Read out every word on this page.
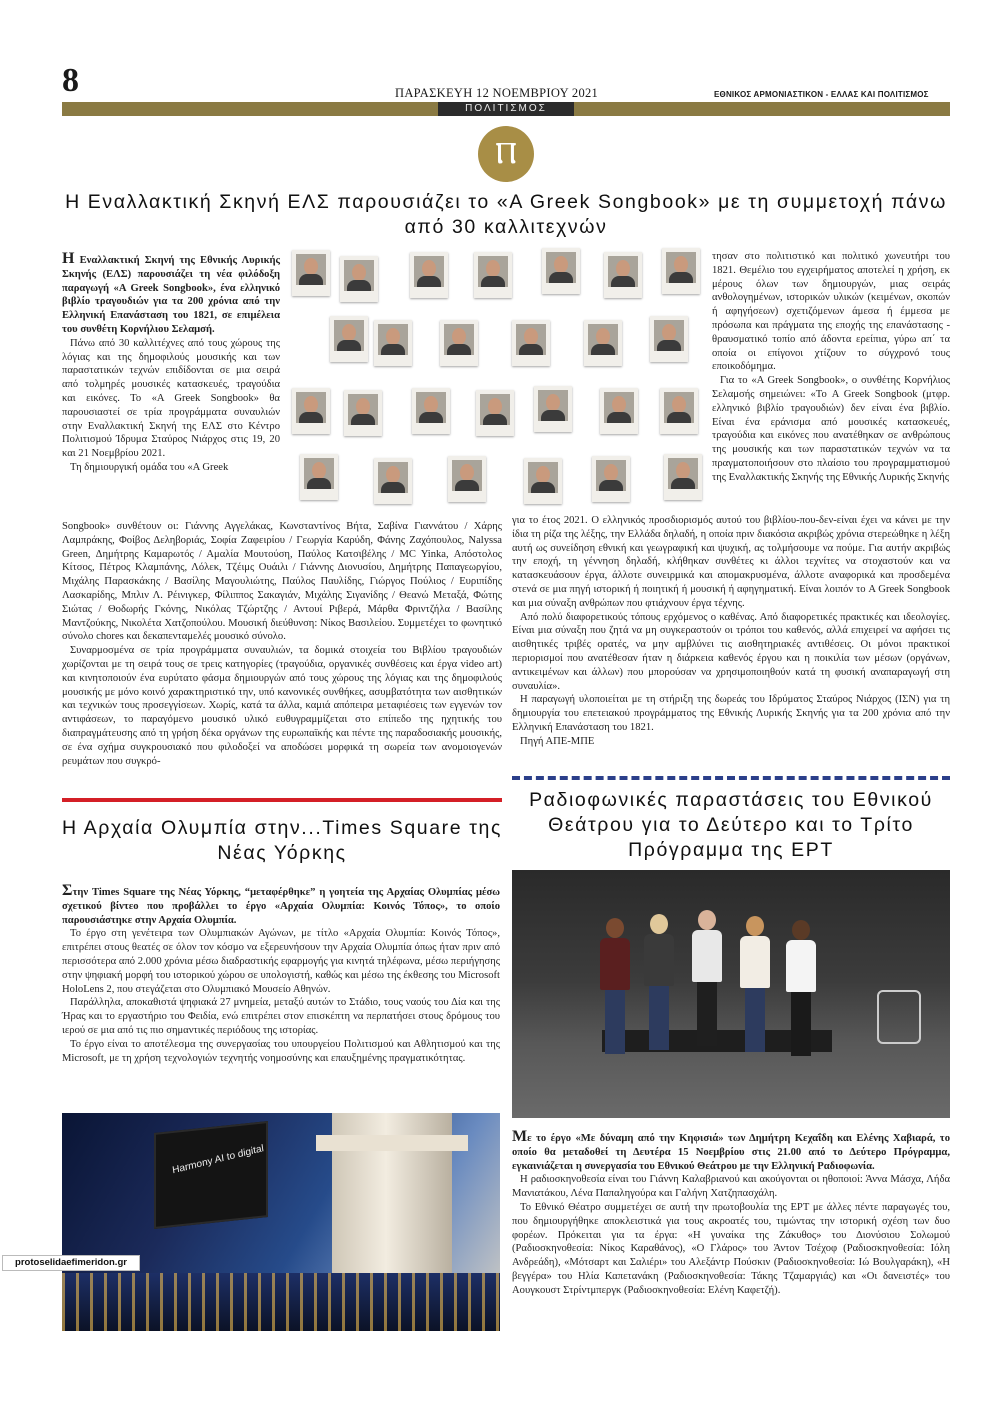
8	ΠΑΡΑΣΚΕΥΗ 12 ΝΟΕΜΒΡΙΟΥ 2021	ΕΘΝΙΚΟΣ ΑΡΜΟΝΙΑΣΤΙΚΟΝ - ΕΛΛΑΣ ΚΑΙ ΠΟΛΙΤΙΣΜΟΣ
ΠΟΛΙΤΙΣΜΟΣ
Ⲡ
Η Εναλλακτική Σκηνή ΕΛΣ παρουσιάζει το «A Greek Songbook» με τη συμμετοχή πάνω από 30 καλλιτεχνών

Η Εναλλακτική Σκηνή της Εθνικής Λυρικής Σκηνής (ΕΛΣ) παρουσιάζει τη νέα φιλόδοξη παραγωγή «A Greek Songbook», ένα ελληνικό βιβλίο τραγουδιών για τα 200 χρόνια από την Ελληνική Επανάσταση του 1821, σε επιμέλεια του συνθέτη Κορνήλιου Σελαμσή.

Πάνω από 30 καλλιτέχνες από τους χώρους της λόγιας και της δημοφιλούς μουσικής και των παραστατικών τεχνών επιδίδονται σε μια σειρά από τολμηρές μουσικές κατασκευές, τραγούδια και εικόνες. Το «A Greek Songbook» θα παρουσιαστεί σε τρία προγράμματα συναυλιών στην Εναλλακτική Σκηνή της ΕΛΣ στο Κέντρο Πολιτισμού Ίδρυμα Σταύρος Νιάρχος στις 19, 20 και 21 Νοεμβρίου 2021.

Τη δημιουργική ομάδα του «A Greek

τησαν στο πολιτιστικό και πολιτικό χωνευτήρι του 1821. Θεμέλιο του εγχειρήματος αποτελεί η χρήση, εκ μέρους όλων των δημιουργών, μιας σειράς ανθολογημένων, ιστορικών υλικών (κειμένων, σκοπών ή αφηγήσεων) σχετιζόμενων άμεσα ή έμμεσα με πρόσωπα και πράγματα της εποχής της επανάστασης - θραυσματικό τοπίο από άδοντα ερείπια, γύρω απ΄ τα οποία οι επίγονοι χτίζουν το σύγχρονό τους εποικοδόμημα.

Για το «A Greek Songbook», ο συνθέτης Κορνήλιος Σελαμσής σημειώνει: «Το A Greek Songbook (μτφρ. ελληνικό βιβλίο τραγουδιών) δεν είναι ένα βιβλίο. Είναι ένα εράνισμα από μουσικές κατασκευές, τραγούδια και εικόνες που ανατέθηκαν σε ανθρώπους της μουσικής και των παραστατικών τεχνών να τα πραγματοποιήσουν στο πλαίσιο του προγραμματισμού της Εναλλακτικής Σκηνής της Εθνικής Λυρικής Σκηνής

Songbook» συνθέτουν οι: Γιάννης Αγγελάκας, Κωνσταντίνος Βήτα, Σαβίνα Γιαννάτου / Χάρης Λαμπράκης, Φοίβος Δεληβοριάς, Σοφία Ζαφειρίου / Γεωργία Καρύδη, Φάνης Ζαχόπουλος, Nalyssa Green, Δημήτρης Καμαρωτός / Αμαλία Μουτούση, Παύλος Κατσιβέλης / MC Yinka, Απόστολος Κίτσος, Πέτρος Κλαμπάνης, Λόλεκ, Τζέιμς Ουάιλι / Γιάννης Διονυσίου, Δημήτρης Παπαγεωργίου, Μιχάλης Παρασκάκης / Βασίλης Μαγουλιώτης, Παύλος Παυλίδης, Γιώργος Πούλιος / Ευριπίδης Λασκαρίδης, Μπλιν Λ. Ρέινιγκερ, Φίλιππος Σακαγιάν, Μιχάλης Σιγανίδης / Θεανώ Μεταξά, Φώτης Σιώτας / Θοδωρής Γκόνης, Νικόλας Τζώρτζης / Αντουί Ριβερά, Μάρθα Φριντζήλα / Βασίλης Μαντζούκης, Νικολέτα Χατζοπούλου. Μουσική διεύθυνση: Νίκος Βασιλείου. Συμμετέχει το φωνητικό σύνολο chores και δεκαπενταμελές μουσικό σύνολο.

Συναρμοσμένα σε τρία προγράμματα συναυλιών, τα δομικά στοιχεία του Βιβλίου τραγουδιών χωρίζονται με τη σειρά τους σε τρεις κατηγορίες (τραγούδια, οργανικές συνθέσεις και έργα video art) και κινητοποιούν ένα ευρύτατο φάσμα δημιουργών από τους χώρους της λόγιας και της δημοφιλούς μουσικής με μόνο κοινό χαρακτηριστικό την, υπό κανονικές συνθήκες, ασυμβατότητα των αισθητικών και τεχνικών τους προσεγγίσεων. Χωρίς, κατά τα άλλα, καμιά απόπειρα μεταφιέσεις των εγγενών τον αντιφάσεων, το παραγόμενο μουσικό υλικό ευθυγραμμίζεται στο επίπεδο της ηχητικής του διαπραγμάτευσης από τη γρήση δέκα οργάνων της ευρωπαϊκής και πέντε της παραδοσιακής μουσικής, σε ένα σχήμα συγκρουσιακό που φιλοδοξεί να αποδώσει μορφικά τη σωρεία των ανομοιογενών ρευμάτων που συγκρό-

για το έτος 2021. Ο ελληνικός προσδιορισμός αυτού του βιβλίου-που-δεν-είναι έχει να κάνει με την ίδια τη ρίζα της λέξης, την Ελλάδα δηλαδή, η οποία πριν διακόσια ακριβώς χρόνια στερεώθηκε η λέξη αυτή ως συνείδηση εθνική και γεωγραφική και ψυχική, ας τολμήσουμε να πούμε. Για αυτήν ακριβώς την εποχή, τη γέννηση δηλαδή, κλήθηκαν συνθέτες κι άλλοι τεχνίτες να στοχαστούν και να κατασκευάσουν έργα, άλλοτε συνειρμικά και απομακρυσμένα, άλλοτε αναφορικά και προσδεμένα στενά σε μια πηγή ιστορική ή ποιητική ή μουσική ή αφηγηματική. Είναι λοιπόν το A Greek Songbook και μια σύναξη ανθρώπων που φτιάχνουν έργα τέχνης.

Από πολύ διαφορετικούς τόπους ερχόμενος ο καθένας. Από διαφορετικές πρακτικές και ιδεολογίες. Είναι μια σύναξη που ζητά να μη συγκεραστούν οι τρόποι του καθενός, αλλά επιχειρεί να αφήσει τις αισθητικές τριβές ορατές, να μην αμβλύνει τις αισθητηριακές αντιθέσεις. Οι μόνοι πρακτικοί περιορισμοί που ανατέθεσαν ήταν η διάρκεια καθενός έργου και η ποικιλία των μέσων (οργάνων, αντικειμένων και άλλων) που μπορούσαν να χρησιμοποιηθούν κατά τη φυσική αναπαραγωγή στη συναυλία».

Η παραγωγή υλοποιείται με τη στήριξη της δωρεάς του Ιδρύματος Σταύρος Νιάρχος (ΙΣΝ) για τη δημιουργία του επετειακού προγράμματος της Εθνικής Λυρικής Σκηνής για τα 200 χρόνια από την Ελληνική Επανάσταση του 1821.

Πηγή ΑΠΕ-ΜΠΕ

Η Αρχαία Ολυμπία στην...Times Square της Νέας Υόρκης

Στην Times Square της Νέας Υόρκης, “μεταφέρθηκε” η γοητεία της Αρχαίας Ολυμπίας μέσω σχετικού βίντεο που προβάλλει το έργο «Αρχαία Ολυμπία: Κοινός Τόπος», το οποίο παρουσιάστηκε στην Αρχαία Ολυμπία.

Το έργο στη γενέτειρα των Ολυμπιακών Αγώνων, με τίτλο «Αρχαία Ολυμπία: Κοινός Τόπος», επιτρέπει στους θεατές σε όλον τον κόσμο να εξερευνήσουν την Αρχαία Ολυμπία όπως ήταν πριν από περισσότερα από 2.000 χρόνια μέσω διαδραστικής εφαρμογής για κινητά τηλέφωνα, μέσω περιήγησης στην ψηφιακή μορφή του ιστορικού χώρου σε υπολογιστή, καθώς και μέσω της έκθεσης του Microsoft HoloLens 2, που στεγάζεται στο Ολυμπιακό Μουσείο Αθηνών.

Παράλληλα, αποκαθιστά ψηφιακά 27 μνημεία, μεταξύ αυτών το Στάδιο, τους ναούς του Δία και της Ήρας και το εργαστήριο του Φειδία, ενώ επιτρέπει στον επισκέπτη να περπατήσει στους δρόμους του ιερού σε μια από τις πιο σημαντικές περιόδους της ιστορίας.

Το έργο είναι το αποτέλεσμα της συνεργασίας του υπουργείου Πολιτισμού και Αθλητισμού και της Microsoft, με τη χρήση τεχνολογιών τεχνητής νοημοσύνης και επαυξημένης πραγματικότητας.

Harmony AI to digital
protoselidaefimeridon.gr
Ραδιοφωνικές παραστάσεις του Εθνικού Θεάτρου για το Δεύτερο και το Τρίτο Πρόγραμμα της ΕΡΤ

Με το έργο «Με δύναμη από την Κηφισιά» των Δημήτρη Κεχαΐδη και Ελένης Χαβιαρά, το οποίο θα μεταδοθεί τη Δευτέρα 15 Νοεμβρίου στις 21.00 από το Δεύτερο Πρόγραμμα, εγκαινιάζεται η συνεργασία του Εθνικού Θεάτρου με την Ελληνική Ραδιοφωνία.

Η ραδιοσκηνοθεσία είναι του Γιάννη Καλαβριανού και ακούγονται οι ηθοποιοί: Άννα Μάσχα, Λήδα Μανιατάκου, Λένα Παπαληγούρα και Γαλήνη Χατζηπασχάλη.

Το Εθνικό Θέατρο συμμετέχει σε αυτή την πρωτοβουλία της ΕΡΤ με άλλες πέντε παραγωγές του, που δημιουργήθηκε αποκλειστικά για τους ακροατές του, τιμώντας την ιστορική σχέση των δυο φορέων. Πρόκειται για τα έργα: «Η γυναίκα της Ζάκυθος» του Διονύσιου Σολωμού (Ραδιοσκηνοθεσία: Νίκος Καραθάνος), «Ο Γλάρος» του Άντον Τσέχοφ (Ραδιοσκηνοθεσία: Ιόλη Ανδρεάδη), «Μότσαρτ και Σαλιέρι» του Αλεξάντρ Πούσκιν (Ραδιοσκηνοθεσία: Ιώ Βουλγαράκη), «Η βεγγέρα» του Ηλία Καπετανάκη (Ραδιοσκηνοθεσία: Τάκης Τζαμαργιάς) και «Οι δανειστές» του Αουγκουστ Στρίντμπεργκ (Ραδιοσκηνοθεσία: Ελένη Καφετζή).
